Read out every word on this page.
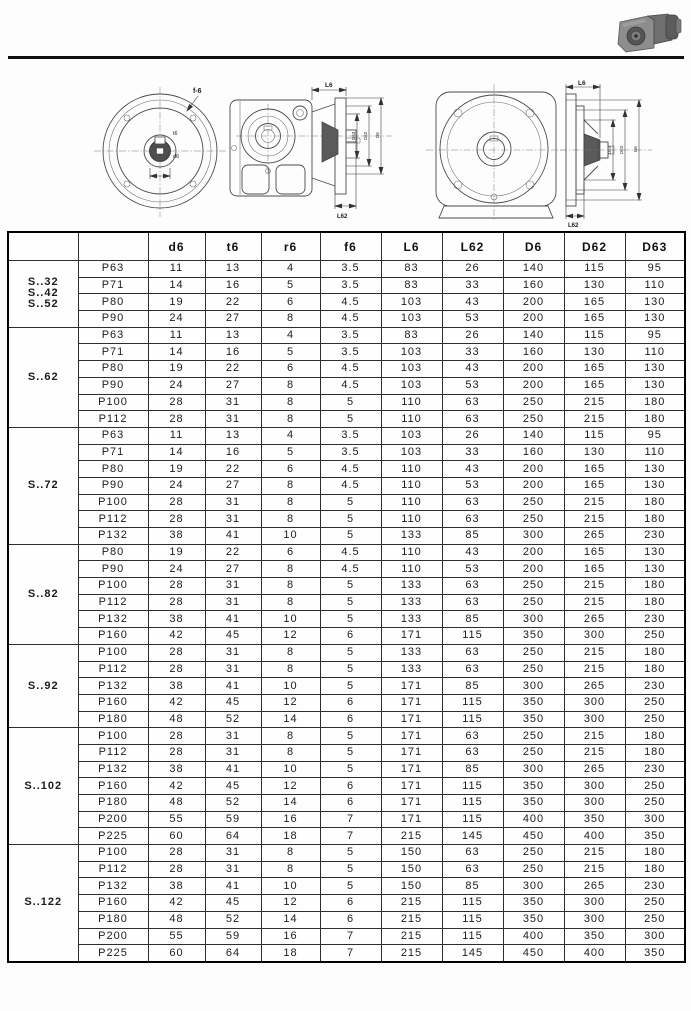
t6
d6
f-6
L6
D63 D62 D6
L62
L6
D63 D62 D6
L62
		d6	t6	r6	f6	L6	L62	D6	D62	D63
S..32
S..42
S..52	P63	11	13	4	3.5	83	26	140	115	95
	P71	14	16	5	3.5	83	33	160	130	110
	P80	19	22	6	4.5	103	43	200	165	130
	P90	24	27	8	4.5	103	53	200	165	130
S..62	P63	11	13	4	3.5	83	26	140	115	95
	P71	14	16	5	3.5	103	33	160	130	110
	P80	19	22	6	4.5	103	43	200	165	130
	P90	24	27	8	4.5	103	53	200	165	130
	P100	28	31	8	5	110	63	250	215	180
	P112	28	31	8	5	110	63	250	215	180
S..72	P63	11	13	4	3.5	103	26	140	115	95
	P71	14	16	5	3.5	103	33	160	130	110
	P80	19	22	6	4.5	110	43	200	165	130
	P90	24	27	8	4.5	110	53	200	165	130
	P100	28	31	8	5	110	63	250	215	180
	P112	28	31	8	5	110	63	250	215	180
	P132	38	41	10	5	133	85	300	265	230
S..82	P80	19	22	6	4.5	110	43	200	165	130
	P90	24	27	8	4.5	110	53	200	165	130
	P100	28	31	8	5	133	63	250	215	180
	P112	28	31	8	5	133	63	250	215	180
	P132	38	41	10	5	133	85	300	265	230
	P160	42	45	12	6	171	115	350	300	250
S..92	P100	28	31	8	5	133	63	250	215	180
	P112	28	31	8	5	133	63	250	215	180
	P132	38	41	10	5	171	85	300	265	230
	P160	42	45	12	6	171	115	350	300	250
	P180	48	52	14	6	171	115	350	300	250
S..102	P100	28	31	8	5	171	63	250	215	180
	P112	28	31	8	5	171	63	250	215	180
	P132	38	41	10	5	171	85	300	265	230
	P160	42	45	12	6	171	115	350	300	250
	P180	48	52	14	6	171	115	350	300	250
	P200	55	59	16	7	171	115	400	350	300
	P225	60	64	18	7	215	145	450	400	350
S..122	P100	28	31	8	5	150	63	250	215	180
	P112	28	31	8	5	150	63	250	215	180
	P132	38	41	10	5	150	85	300	265	230
	P160	42	45	12	6	215	115	350	300	250
	P180	48	52	14	6	215	115	350	300	250
	P200	55	59	16	7	215	115	400	350	300
	P225	60	64	18	7	215	145	450	400	350
